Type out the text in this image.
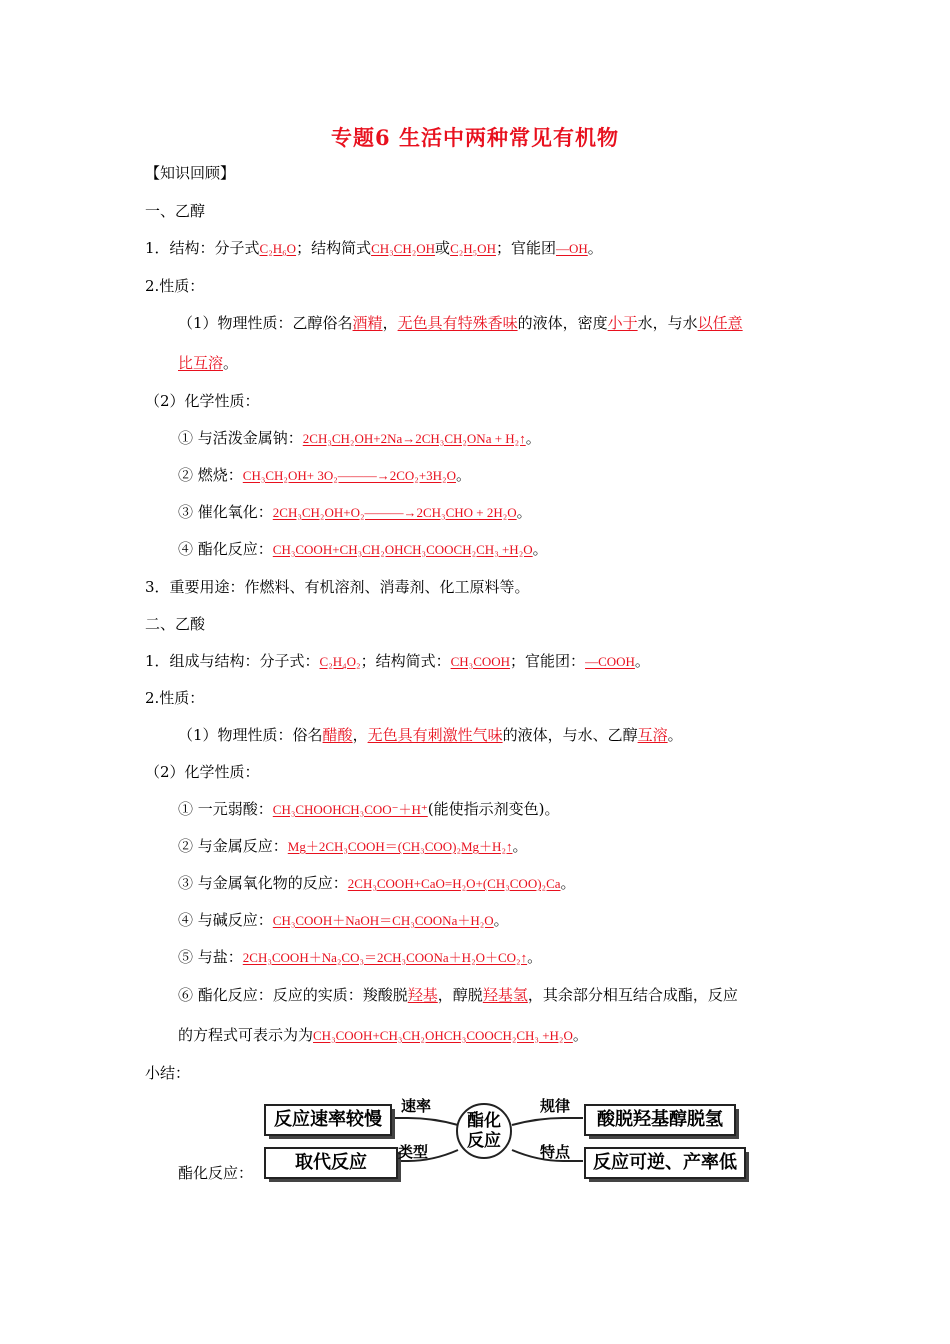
专题6 生活中两种常见有机物
【知识回顾】
一、乙醇
1．结构：分子式C₂H₆O；结构简式CH₃CH₂OH或C₂H₅OH；官能团—OH。
2.性质：
（1）物理性质：乙醇俗名酒精，无色具有特殊香味的液体，密度小于水，与水以任意
比互溶。
（2）化学性质：
① 与活泼金属钠：2CH₃CH₂OH+2Na→2CH₃CH₂ONa + H₂↑。
② 燃烧：CH₃CH₂OH+ 3O₂———→2CO₂+3H₂O。
③ 催化氧化：2CH₃CH₂OH+O₂———→2CH₃CHO + 2H₂O。
④ 酯化反应：CH₃COOH+CH₃CH₂OHCH₃COOCH₂CH₃ +H₂O。
3．重要用途：作燃料、有机溶剂、消毒剂、化工原料等。
二、乙酸
1．组成与结构：分子式：C₂H₄O₂；结构简式：CH₃COOH；官能团：—COOH。
2.性质：
（1）物理性质：俗名醋酸，无色具有刺激性气味的液体，与水、乙醇互溶。
（2）化学性质：
① 一元弱酸：CH₃CHOOHCH₃COO⁻＋H⁺(能使指示剂变色)。
② 与金属反应：Mg＋2CH₃COOH＝(CH₃COO)₂Mg＋H₂↑。
③ 与金属氧化物的反应：2CH₃COOH+CaO=H₂O+(CH₃COO)₂Ca。
④ 与碱反应：CH₃COOH＋NaOH＝CH₃COONa＋H₂O。
⑤ 与盐：2CH₃COOH＋Na₂CO₃＝2CH₃COONa＋H₂O＋CO₂↑。
⑥ 酯化反应：反应的实质：羧酸脱羟基，醇脱羟基氢，其余部分相互结合成酯，反应
的方程式可表示为为CH₃COOH+CH₃CH₂OHCH₃COOCH₂CH₃ +H₂O。
小结：
酯化反应：
反应速率较慢
取代反应
酸脱羟基醇脱氢
反应可逆、产率低
酯化
反应
速率
类型
规律
特点
